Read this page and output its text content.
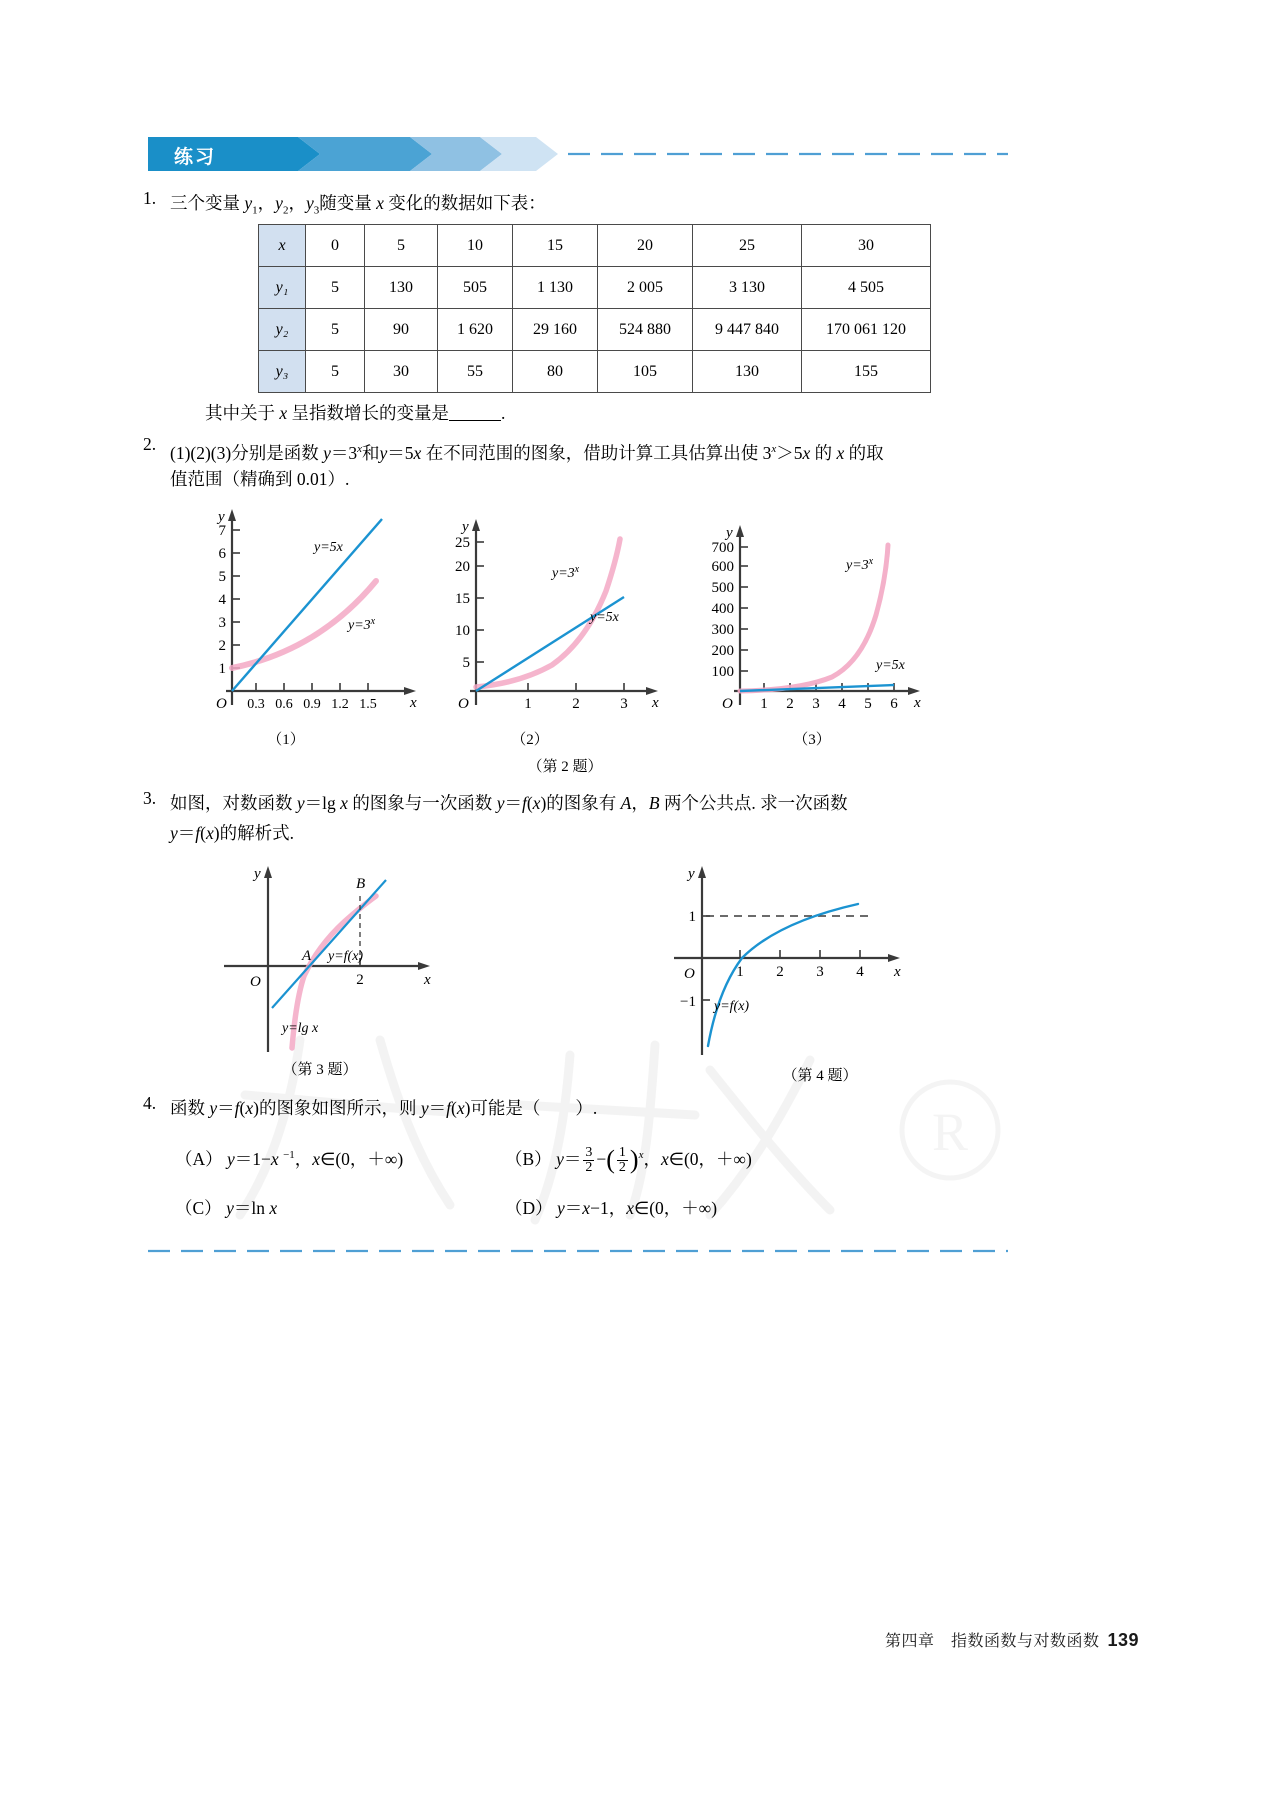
R
练习
1. 三个变量 $y_1$，$y_2$，$y_3$随变量 x 变化的数据如下表：
x	0	5	10	15	20	25	30
y₁	5	130	505	1 130	2 005	3 130	4 505
y₂	5	90	1 620	29 160	524 880	9 447 840	170 061 120
y₃	5	30	55	80	105	130	155
其中关于 x 呈指数增长的变量是	.
2. (1)(2)(3)分别是函数 $y=3^x$和y＝5x 在不同范围的图象，借助计算工具估算出使 $3^x>5x$ 的 x 的取
值范围（精确到 0.01）.
y
x
O
1
2
3
4
5
6
7
0.3 0.6 0.9 1.2 1.5
y=5x
$y=3^x$
（1）
y
x
O
5
10
15
20
25
1	2	3
$y=3^x$
y=5x
（2）
y
x
O
100
200
300
400
500
600
700
1 2 3 4 5 6
$y=3^x$
y=5x
（3）
（第 2 题）
3. 如图，对数函数 y＝lg x 的图象与一次函数 y＝f(x)的图象有 A，B 两个公共点. 求一次函数
y＝f(x)的解析式.
y
x
O	2
A
B
y=f(x)
y=lg x
（第 3 题）
y
x
O	1 2 3 4
1
−1 y=f(x)
（第 4 题）
4. 函数 y＝f(x)的图象如图所示，则 y＝f(x)可能是（　　）.
（A） y＝1−x $^{-1}$，x∈(0，＋∞)	（B） $y= \frac{3}{2}$ −( $\frac{1}{2} )^x$，x∈(0，＋∞)
（C） y＝ln x	（D） y＝x−1，x∈(0，＋∞)
第四章　指数函数与对数函数 139
